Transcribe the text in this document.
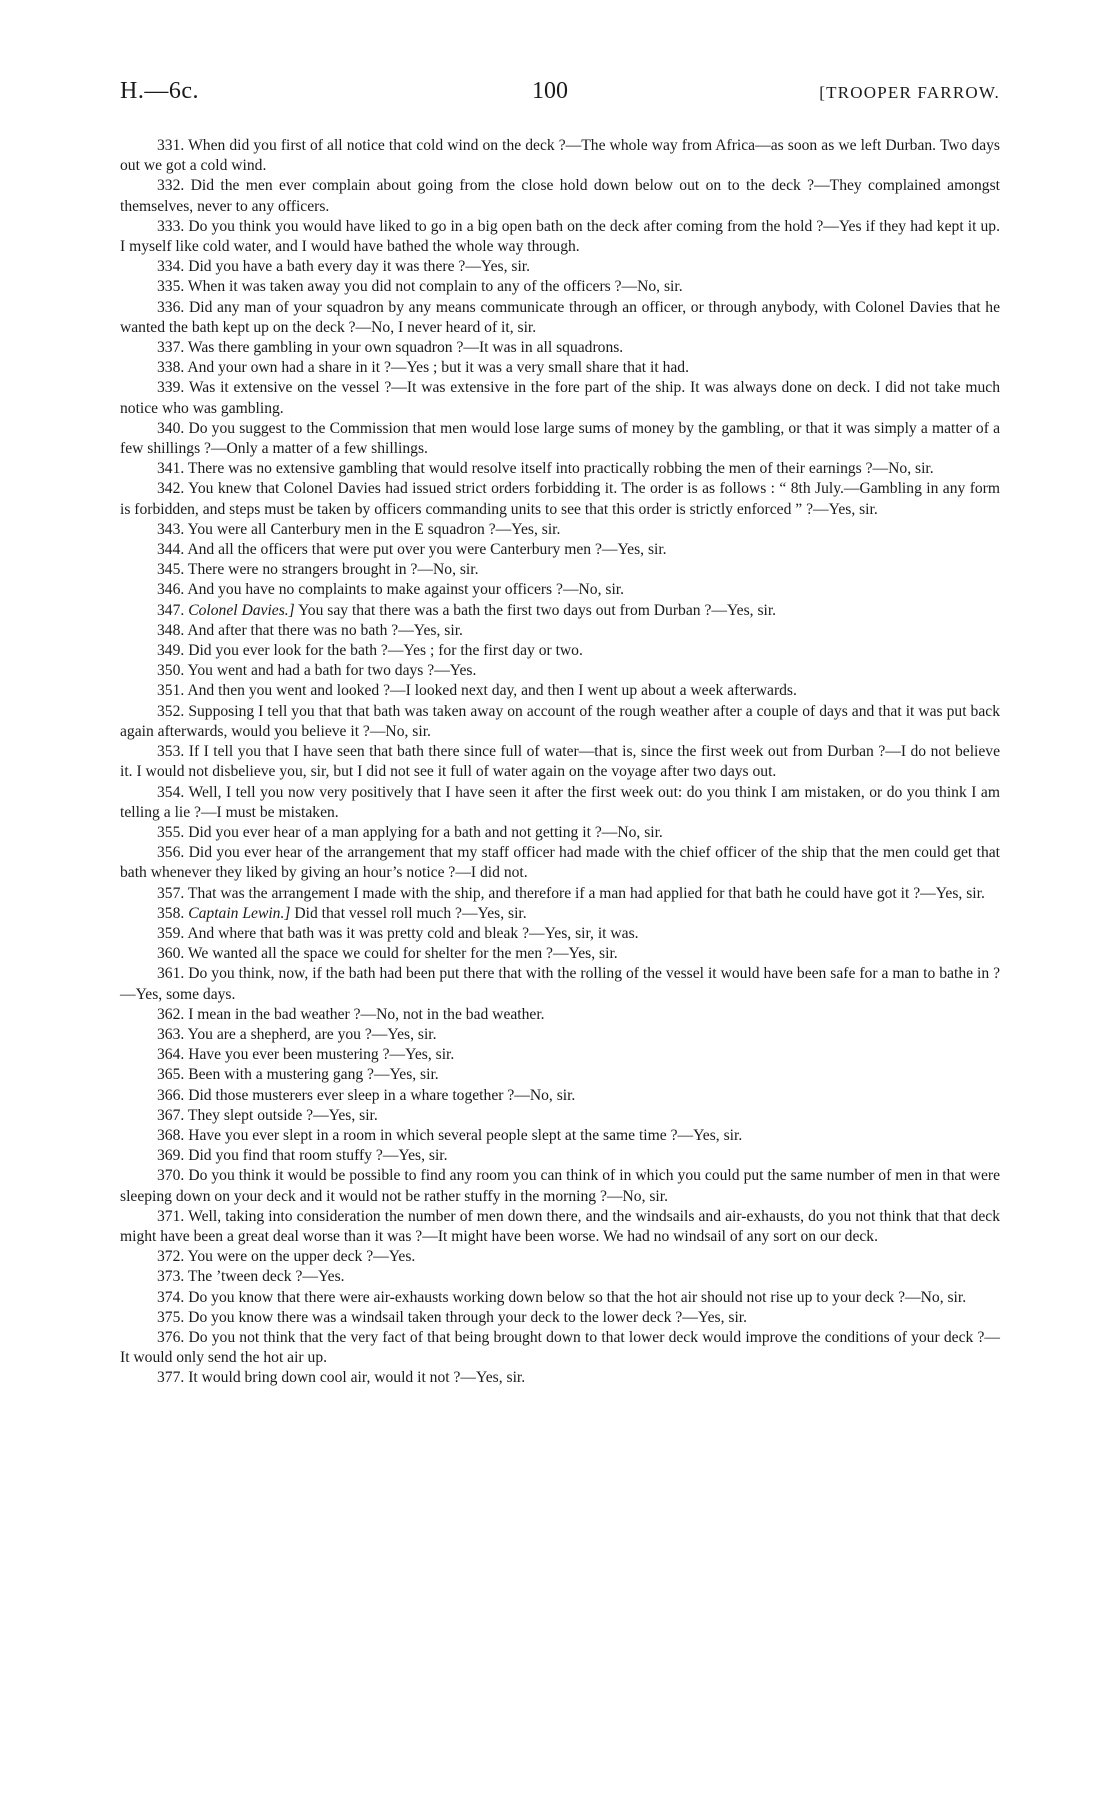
H.—6c.	100	[TROOPER FARROW.

331. When did you first of all notice that cold wind on the deck ?—The whole way from Africa—as soon as we left Durban. Two days out we got a cold wind.

332. Did the men ever complain about going from the close hold down below out on to the deck ?—They complained amongst themselves, never to any officers.

333. Do you think you would have liked to go in a big open bath on the deck after coming from the hold ?—Yes if they had kept it up. I myself like cold water, and I would have bathed the whole way through.

334. Did you have a bath every day it was there ?—Yes, sir.

335. When it was taken away you did not complain to any of the officers ?—No, sir.

336. Did any man of your squadron by any means communicate through an officer, or through anybody, with Colonel Davies that he wanted the bath kept up on the deck ?—No, I never heard of it, sir.

337. Was there gambling in your own squadron ?—It was in all squadrons.

338. And your own had a share in it ?—Yes ; but it was a very small share that it had.

339. Was it extensive on the vessel ?—It was extensive in the fore part of the ship. It was always done on deck. I did not take much notice who was gambling.

340. Do you suggest to the Commission that men would lose large sums of money by the gambling, or that it was simply a matter of a few shillings ?—Only a matter of a few shillings.

341. There was no extensive gambling that would resolve itself into practically robbing the men of their earnings ?—No, sir.

342. You knew that Colonel Davies had issued strict orders forbidding it. The order is as follows : “ 8th July.—Gambling in any form is forbidden, and steps must be taken by officers commanding units to see that this order is strictly enforced ” ?—Yes, sir.

343. You were all Canterbury men in the E squadron ?—Yes, sir.

344. And all the officers that were put over you were Canterbury men ?—Yes, sir.

345. There were no strangers brought in ?—No, sir.

346. And you have no complaints to make against your officers ?—No, sir.

347. Colonel Davies.] You say that there was a bath the first two days out from Durban ?—Yes, sir.

348. And after that there was no bath ?—Yes, sir.

349. Did you ever look for the bath ?—Yes ; for the first day or two.

350. You went and had a bath for two days ?—Yes.

351. And then you went and looked ?—I looked next day, and then I went up about a week afterwards.

352. Supposing I tell you that that bath was taken away on account of the rough weather after a couple of days and that it was put back again afterwards, would you believe it ?—No, sir.

353. If I tell you that I have seen that bath there since full of water—that is, since the first week out from Durban ?—I do not believe it. I would not disbelieve you, sir, but I did not see it full of water again on the voyage after two days out.

354. Well, I tell you now very positively that I have seen it after the first week out: do you think I am mistaken, or do you think I am telling a lie ?—I must be mistaken.

355. Did you ever hear of a man applying for a bath and not getting it ?—No, sir.

356. Did you ever hear of the arrangement that my staff officer had made with the chief officer of the ship that the men could get that bath whenever they liked by giving an hour’s notice ?—I did not.

357. That was the arrangement I made with the ship, and therefore if a man had applied for that bath he could have got it ?—Yes, sir.

358. Captain Lewin.] Did that vessel roll much ?—Yes, sir.

359. And where that bath was it was pretty cold and bleak ?—Yes, sir, it was.

360. We wanted all the space we could for shelter for the men ?—Yes, sir.

361. Do you think, now, if the bath had been put there that with the rolling of the vessel it would have been safe for a man to bathe in ?—Yes, some days.

362. I mean in the bad weather ?—No, not in the bad weather.

363. You are a shepherd, are you ?—Yes, sir.

364. Have you ever been mustering ?—Yes, sir.

365. Been with a mustering gang ?—Yes, sir.

366. Did those musterers ever sleep in a whare together ?—No, sir.

367. They slept outside ?—Yes, sir.

368. Have you ever slept in a room in which several people slept at the same time ?—Yes, sir.

369. Did you find that room stuffy ?—Yes, sir.

370. Do you think it would be possible to find any room you can think of in which you could put the same number of men in that were sleeping down on your deck and it would not be rather stuffy in the morning ?—No, sir.

371. Well, taking into consideration the number of men down there, and the windsails and air-exhausts, do you not think that that deck might have been a great deal worse than it was ?—It might have been worse. We had no windsail of any sort on our deck.

372. You were on the upper deck ?—Yes.

373. The ’tween deck ?—Yes.

374. Do you know that there were air-exhausts working down below so that the hot air should not rise up to your deck ?—No, sir.

375. Do you know there was a windsail taken through your deck to the lower deck ?—Yes, sir.

376. Do you not think that the very fact of that being brought down to that lower deck would improve the conditions of your deck ?—It would only send the hot air up.

377. It would bring down cool air, would it not ?—Yes, sir.
